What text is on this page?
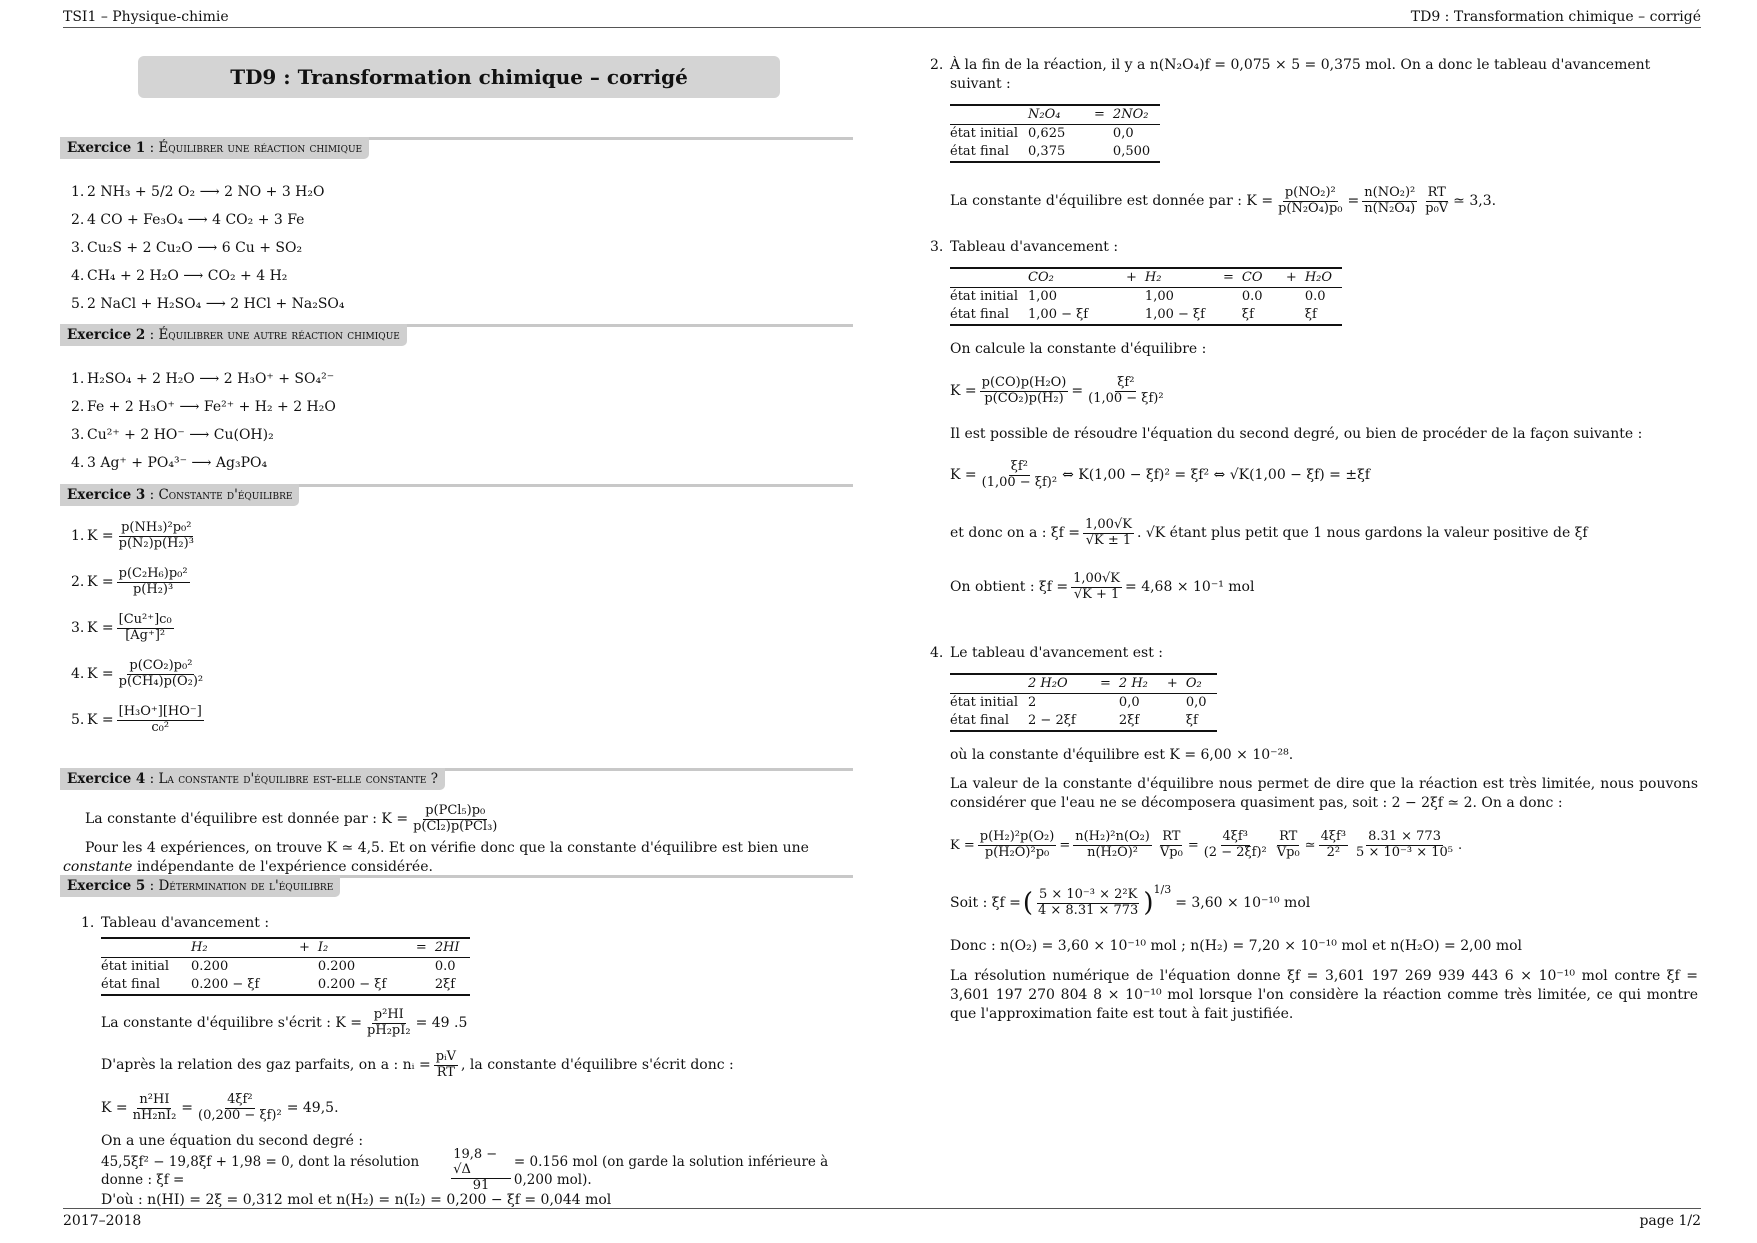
TSI1 – Physique-chimie	TD9 : Transformation chimique – corrigé
2017–2018	page 1/2
TD9 : Transformation chimique – corrigé
Exercice 1 : Équilibrer une réaction chimique
1. 2 NH₃ + 5/2 O₂ ⟶ 2 NO + 3 H₂O
2. 4 CO + Fe₃O₄ ⟶ 4 CO₂ + 3 Fe
3. Cu₂S + 2 Cu₂O ⟶ 6 Cu + SO₂
4. CH₄ + 2 H₂O ⟶ CO₂ + 4 H₂
5. 2 NaCl + H₂SO₄ ⟶ 2 HCl + Na₂SO₄
Exercice 2 : Équilibrer une autre réaction chimique
1. H₂SO₄ + 2 H₂O ⟶ 2 H₃O⁺ + SO₄²⁻
2. Fe + 2 H₃O⁺ ⟶ Fe²⁺ + H₂ + 2 H₂O
3. Cu²⁺ + 2 HO⁻ ⟶ Cu(OH)₂
4. 3 Ag⁺ + PO₄³⁻ ⟶ Ag₃PO₄
Exercice 3 : Constante d'équilibre
1. $K = \frac{\text{p(NH₃)²p₀²}}{\text{p(N₂)p(H₂)³}}$
2. $K = \frac{\text{p(C₂H₆)p₀²}}{\text{p(H₂)³}}$
3. $K = \frac{\text{[Cu²⁺]c₀}}{\text{[Ag⁺]²}}$
4. $K = \frac{\text{p(CO₂)p₀²}}{\text{p(CH₄)p(O₂)²}}$
5. $K = \frac{\text{[H₃O⁺][HO⁻]}}{\text{c₀²}}$
Exercice 4 : La constante d'équilibre est-elle constante ?
La constante d'équilibre est donnée par : $K = \frac{\text{p(PCl₅)p₀}}{\text{p(Cl₂)p(PCl₃)}}$

Pour les 4 expériences, on trouve K ≃ 4,5. Et on vérifie donc que la constante d'équilibre est bien une constante indépendante de l'expérience considérée.

Exercice 5 : Détermination de l'équilibre
1. Tableau d'avancement :

	H₂	+	I₂	=	2HI
état initial	0.200		0.200		0.0
état final	0.200 − ξf		0.200 − ξf		2ξf
La constante d'équilibre s'écrit : $K = \frac{\text{p²HI}}{\text{pH₂pI₂}} = 49$ .5
D'après la relation des gaz parfaits, on a : nᵢ = $\frac{\text{pᵢV}}{RT}$ , la constante d'équilibre s'écrit donc :
$K = \frac{\text{n²HI}}{\text{nH₂nI₂}} = \frac{\text{4ξf²}}{\text{(0,200 − ξf)²}} = 49,5$.

On a une équation du second degré :

45,5ξf² − 19,8ξf + 1,98 = 0, dont la résolution donne : ξf =	$\frac{19,8 - √\Delta}{91} = 0.156$ mol (on garde la solution inférieure à 0,200 mol).

D'où : n(HI) = 2ξ = 0,312 mol et n(H₂) = n(I₂) = 0,200 − ξf = 0,044 mol

2. À la fin de la réaction, il y a n(N₂O₄)f = 0,075 × 5 = 0,375 mol. On a donc le tableau d'avancement suivant :

	N₂O₄	=	2NO₂
état initial	0,625		0,0
état final	0,375		0,500
La constante d'équilibre est donnée par : $K = \frac{\text{p(NO₂)²}}{\text{p(N₂O₄)p₀}} = \frac{\text{n(NO₂)²}}{\text{n(N₂O₄)}} \frac{RT}{\text{p₀V}}$ ≃ 3,3.
3. Tableau d'avancement :

	CO₂	+	H₂	=	CO	+	H₂O
état initial	1,00		1,00		0.0		0.0
état final	1,00 − ξf		1,00 − ξf		ξf		ξf

On calcule la constante d'équilibre :

$K = \frac{\text{p(CO)p(H₂O)}}{\text{p(CO₂)p(H₂)}} = \frac{\text{ξf²}}{\text{(1,00 − ξf)²}}$

Il est possible de résoudre l'équation du second degré, ou bien de procéder de la façon suivante :

$K = \frac{\text{ξf²}}{\text{(1,00 − ξf)²}}$ ⇔ K(1,00 − ξf)² = ξf² ⇔ √K(1,00 − ξf) = ±ξf
et donc on a : $\xi f = \frac{1,00√K}{√K \pm 1}$ . √K étant plus petit que 1 nous gardons la valeur positive de ξf
On obtient : $\xi f = \frac{1,00√K}{√K + 1} = 4,68 \times 10^{-1}$ mol
4. Le tableau d'avancement est :

	2 H₂O	=	2 H₂	+	O₂
état initial	2		0,0		0,0
état final	2 − 2ξf		2ξf		ξf

où la constante d'équilibre est K = 6,00 × 10⁻²⁸.

La valeur de la constante d'équilibre nous permet de dire que la réaction est très limitée, nous pouvons considérer que l'eau ne se décomposera quasiment pas, soit : 2 − 2ξf ≃ 2. On a donc :

$K = \frac{\text{p(H₂)²p(O₂)}}{\text{p(H₂O)²p₀}} = \frac{\text{n(H₂)²n(O₂)}}{\text{n(H₂O)²}} \frac{RT}{\text{Vp₀}} = \frac{\text{4ξf³}}{\text{(2 − 2ξf)²}} \frac{RT}{\text{Vp₀}}$ ≃ $\frac{\text{4ξf³}}{\text{2²}} \frac{8.31 \times 773}{\text{5 × 10⁻³ × 10⁵}}$ .
Soit : ξf = ( $\frac{\text{5 × 10⁻³ × 2²K}}{4 \times 8.31 \times 773} )^{1/3}$
= 3,60 × 10⁻¹⁰ mol

Donc : n(O₂) = 3,60 × 10⁻¹⁰ mol ; n(H₂) = 7,20 × 10⁻¹⁰ mol et n(H₂O) = 2,00 mol

La résolution numérique de l'équation donne ξf = 3,601 197 269 939 443 6 × 10⁻¹⁰ mol contre ξf = 3,601 197 270 804 8 × 10⁻¹⁰ mol lorsque l'on considère la réaction comme très limitée, ce qui montre que l'approximation faite est tout à fait justifiée.
